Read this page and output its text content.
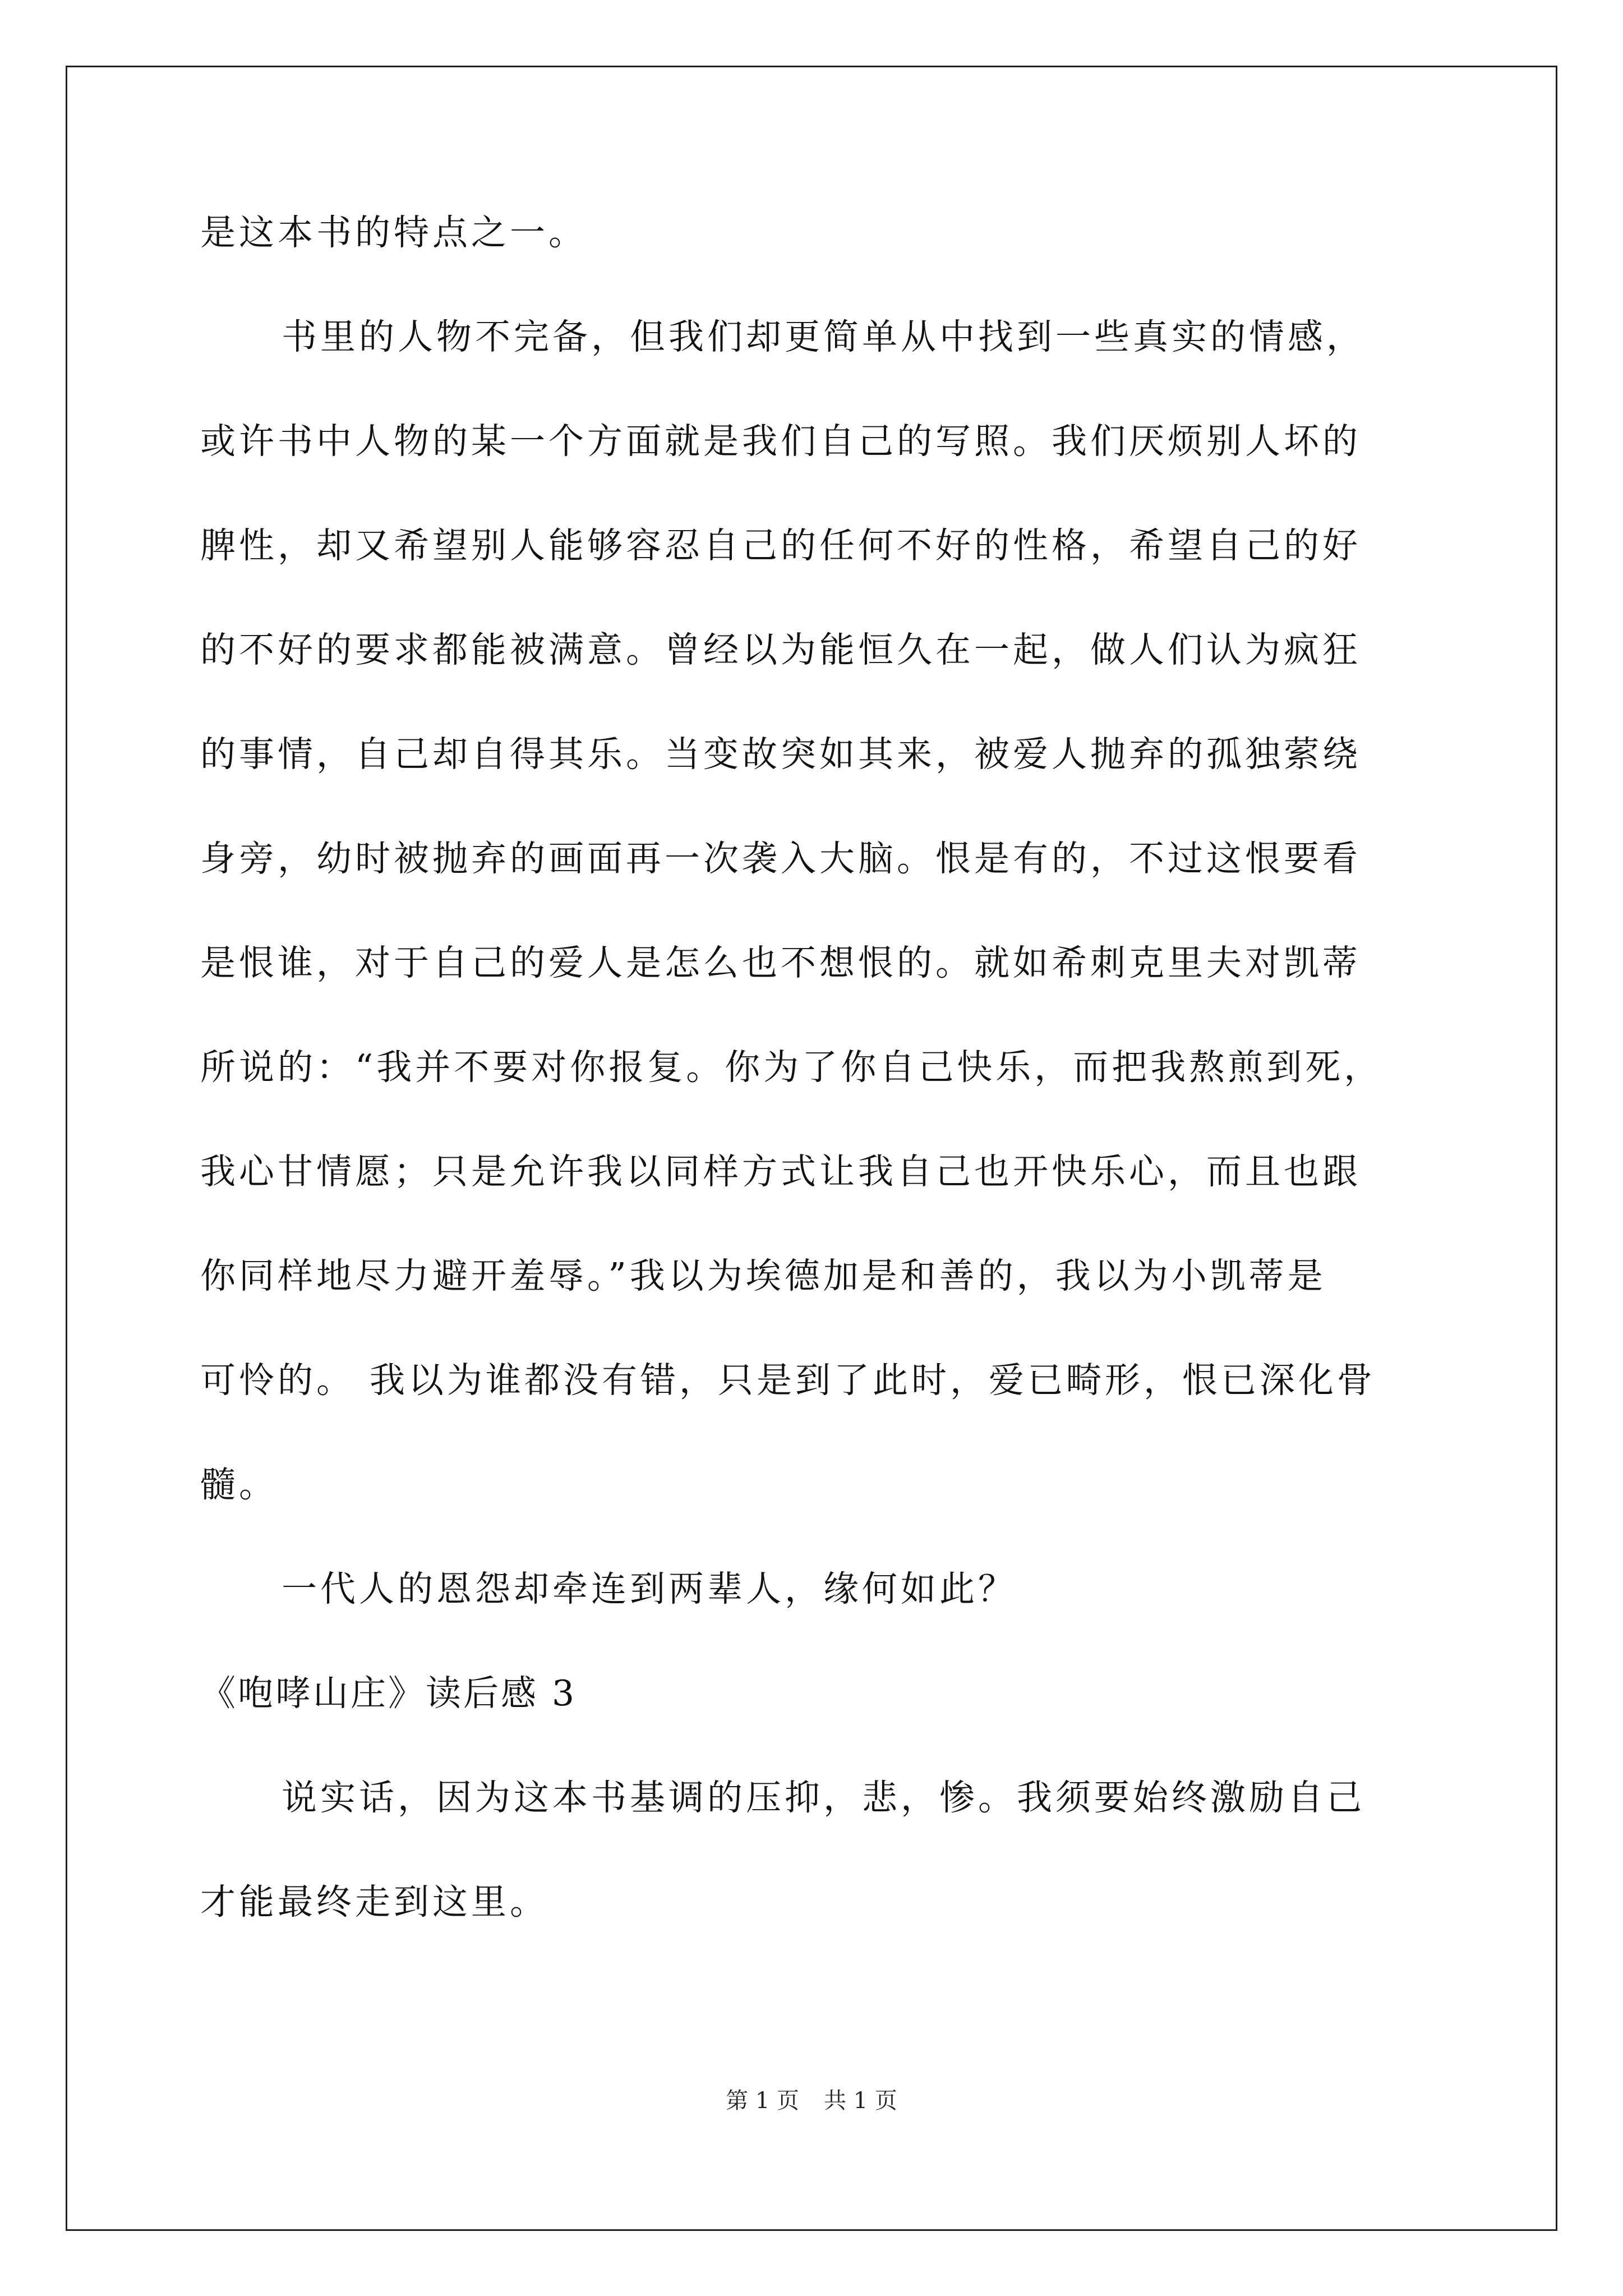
是这本书的特点之一。
书里的人物不完备，但我们却更简单从中找到一些真实的情感，
或许书中人物的某一个方面就是我们自己的写照。我们厌烦别人坏的
脾性，却又希望别人能够容忍自己的任何不好的性格，希望自己的好
的不好的要求都能被满意。曾经以为能恒久在一起，做人们认为疯狂
的事情，自己却自得其乐。当变故突如其来，被爱人抛弃的孤独萦绕
身旁，幼时被抛弃的画面再一次袭入大脑。恨是有的，不过这恨要看
是恨谁，对于自己的爱人是怎么也不想恨的。就如希刺克里夫对凯蒂
所说的：“我并不要对你报复。你为了你自己快乐，而把我熬煎到死，
我心甘情愿；只是允许我以同样方式让我自己也开快乐心，而且也跟
你同样地尽力避开羞辱。”我以为埃德加是和善的，我以为小凯蒂是
可怜的。 我以为谁都没有错，只是到了此时，爱已畸形，恨已深化骨
髓。
一代人的恩怨却牵连到两辈人，缘何如此？
《咆哮山庄》读后感 3
说实话，因为这本书基调的压抑，悲，惨。我须要始终激励自己
才能最终走到这里。
第 1 页 共 1 页
